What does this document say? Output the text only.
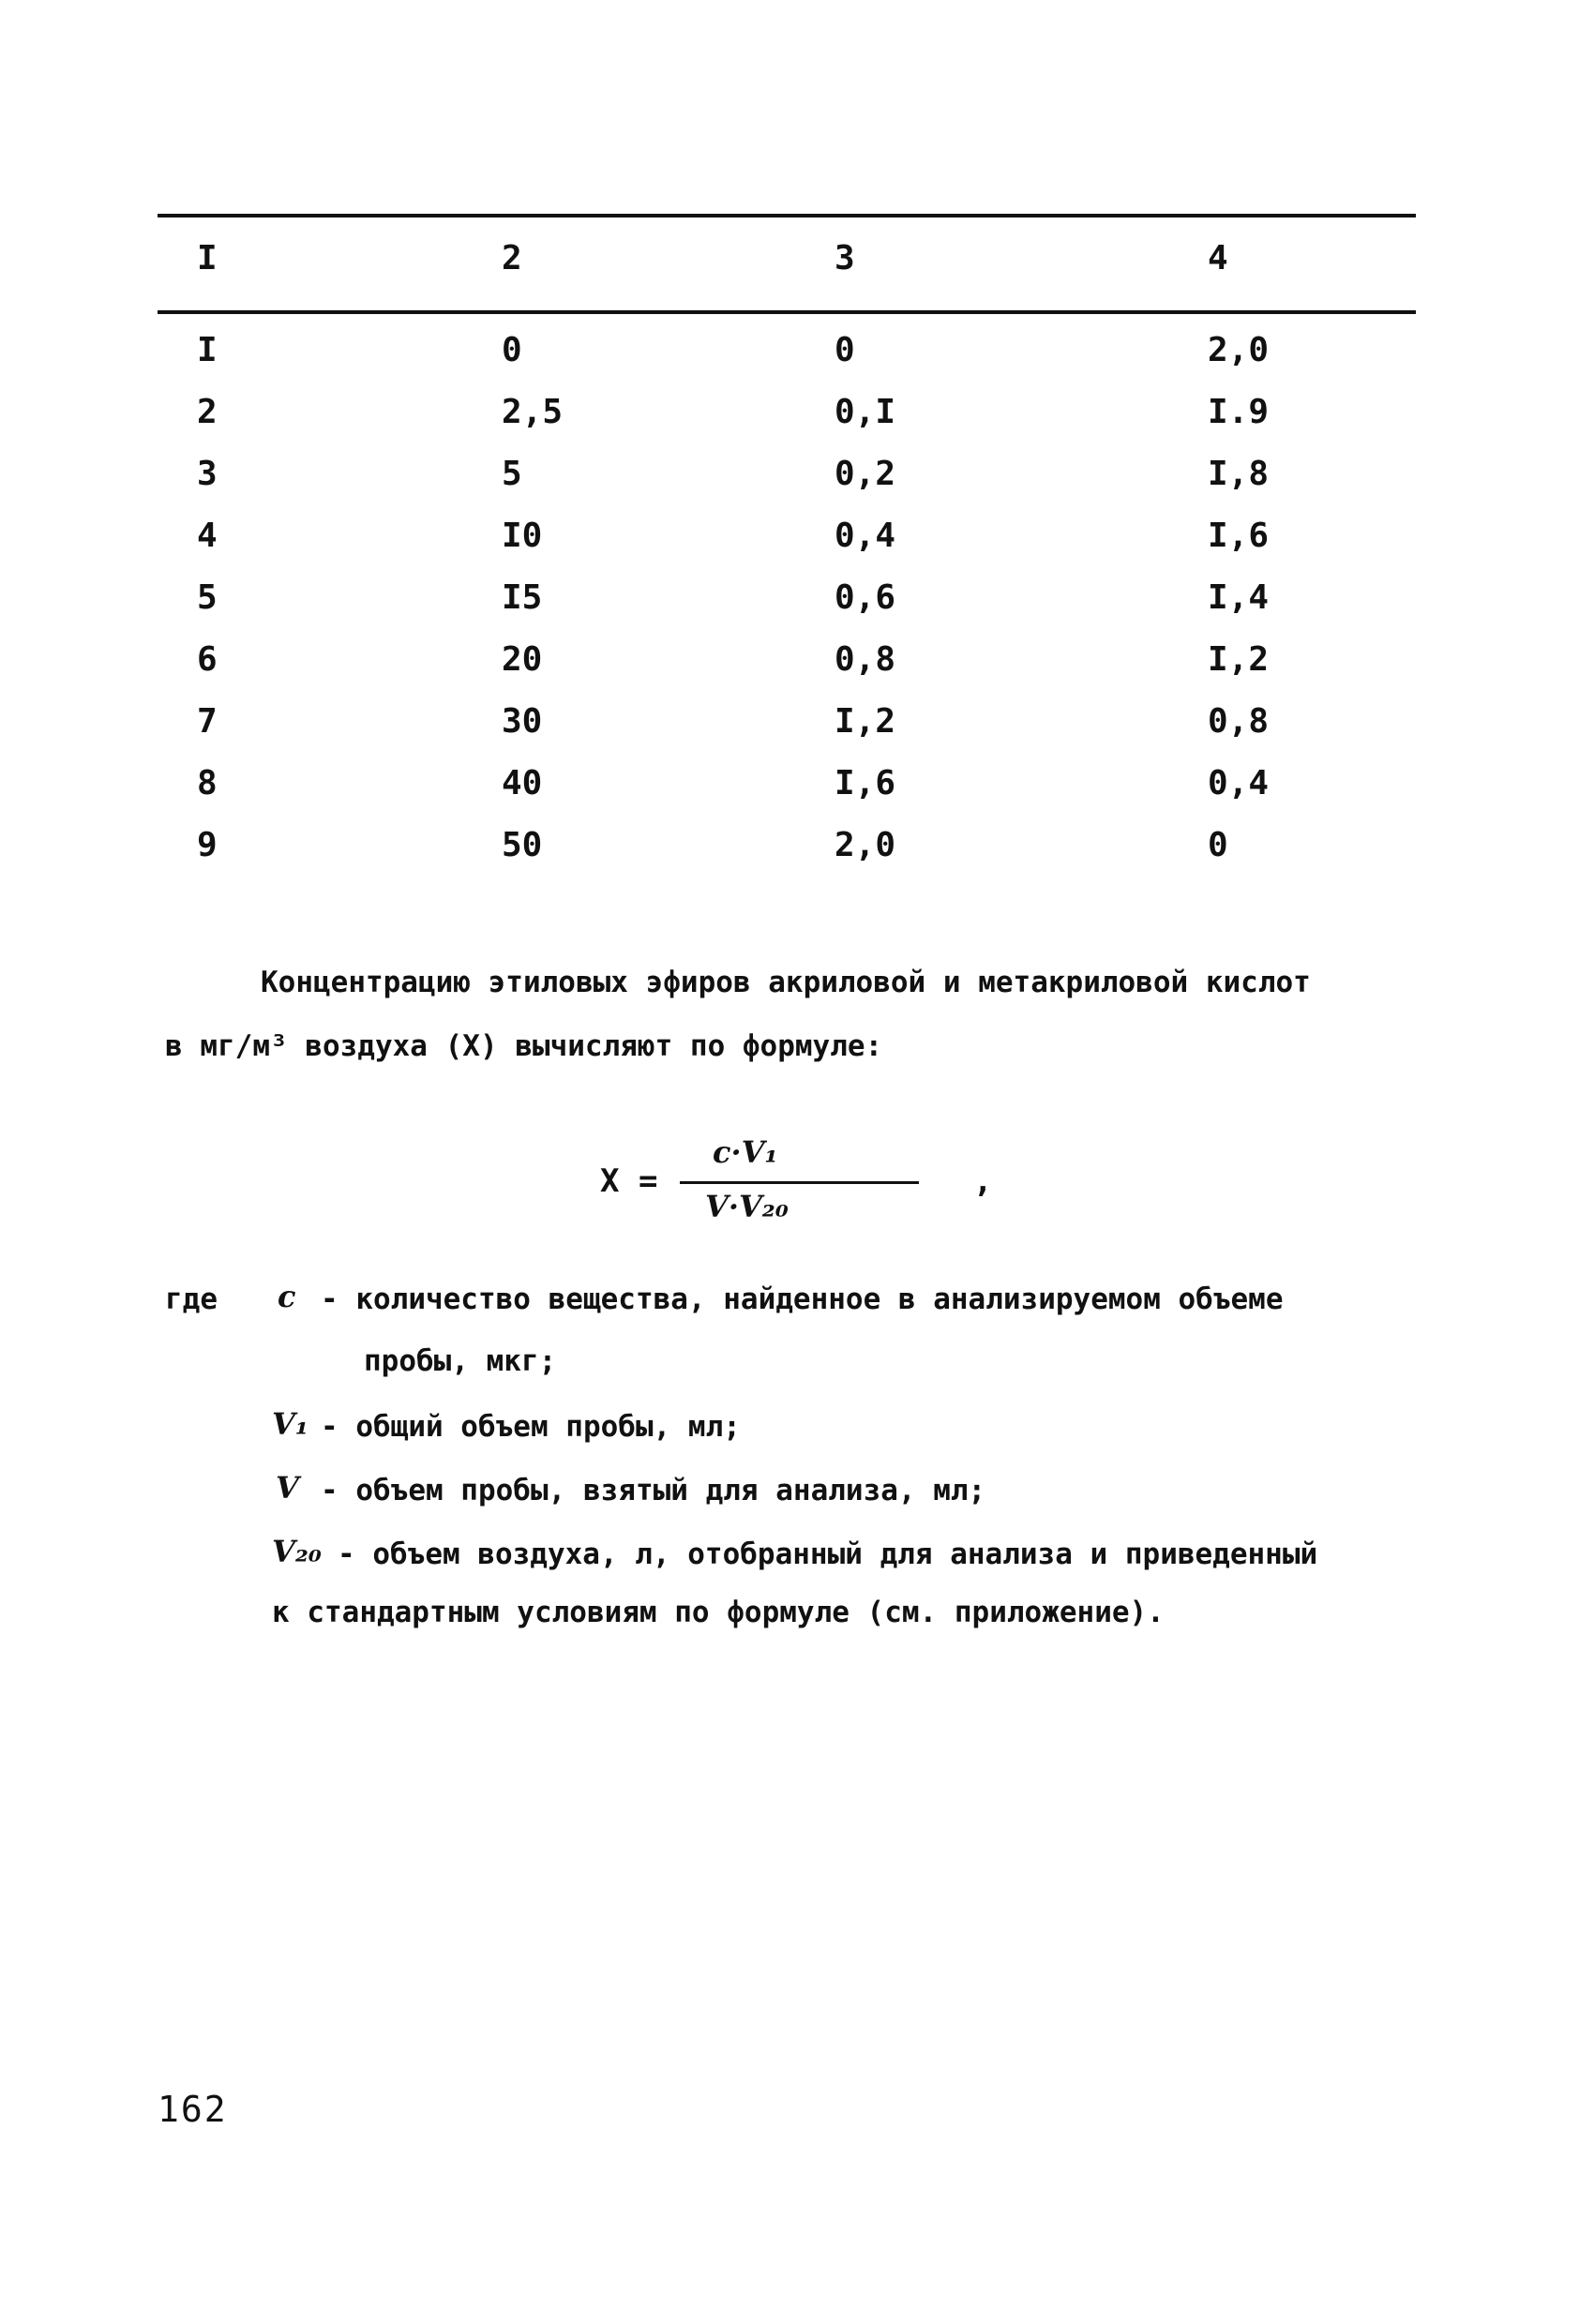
I	2	3	4
I	0	0	2,0
2	2,5	0,I	I.9
3	5	0,2	I,8
4	I0	0,4	I,6
5	I5	0,6	I,4
6	20	0,8	I,2
7	30	I,2	0,8
8	40	I,6	0,4
9	50	2,0	0
Концентрацию этиловых эфиров акриловой и метакриловой кислот
в мг/м³ воздуха (X) вычисляют по формуле:
X =
c·V₁
V·V₂₀
,
где c - количество вещества, найденное в анализируемом объеме
пробы, мкг;
V₁ - общий объем пробы, мл;
V - объем пробы, взятый для анализа, мл;
V₂₀ - объем воздуха, л, отобранный для анализа и приведенный
к стандартным условиям по формуле (см. приложение).
162
